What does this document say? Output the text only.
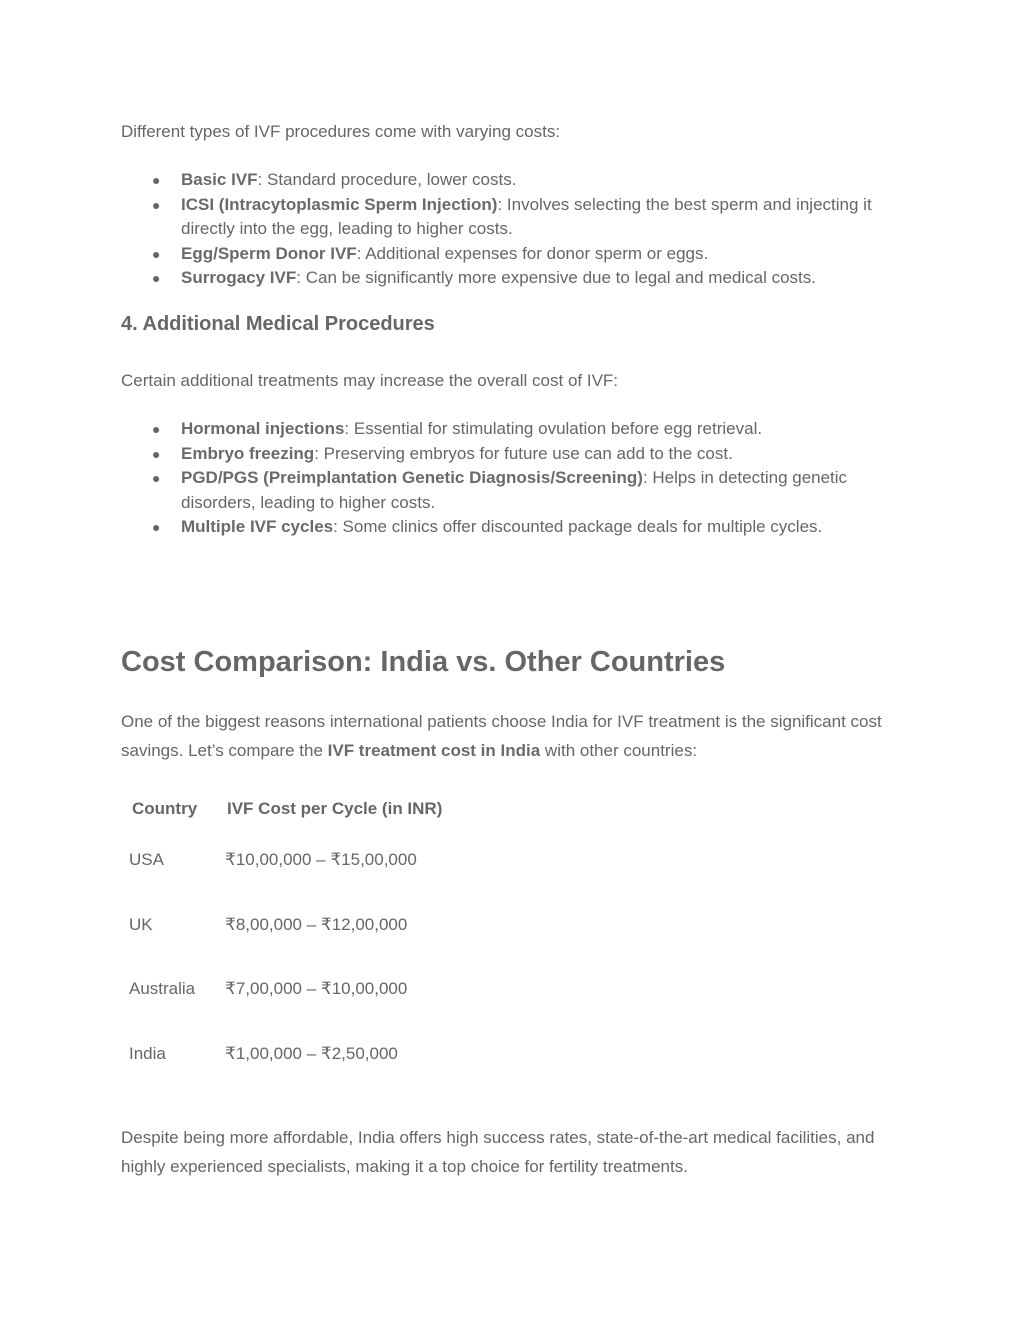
Different types of IVF procedures come with varying costs:

● Basic IVF: Standard procedure, lower costs.
● ICSI (Intracytoplasmic Sperm Injection): Involves selecting the best sperm and injecting it directly into the egg, leading to higher costs.
● Egg/Sperm Donor IVF: Additional expenses for donor sperm or eggs.
● Surrogacy IVF: Can be significantly more expensive due to legal and medical costs.
4. Additional Medical Procedures

Certain additional treatments may increase the overall cost of IVF:

● Hormonal injections: Essential for stimulating ovulation before egg retrieval.
● Embryo freezing: Preserving embryos for future use can add to the cost.
● PGD/PGS (Preimplantation Genetic Diagnosis/Screening): Helps in detecting genetic disorders, leading to higher costs.
● Multiple IVF cycles: Some clinics offer discounted package deals for multiple cycles.
Cost Comparison: India vs. Other Countries

One of the biggest reasons international patients choose India for IVF treatment is the significant cost savings. Let’s compare the IVF treatment cost in India with other countries:

Country	IVF Cost per Cycle (in INR)
USA	₹10,00,000 – ₹15,00,000
UK	₹8,00,000 – ₹12,00,000
Australia	₹7,00,000 – ₹10,00,000
India	₹1,00,000 – ₹2,50,000

Despite being more affordable, India offers high success rates, state-of-the-art medical facilities, and highly experienced specialists, making it a top choice for fertility treatments.
